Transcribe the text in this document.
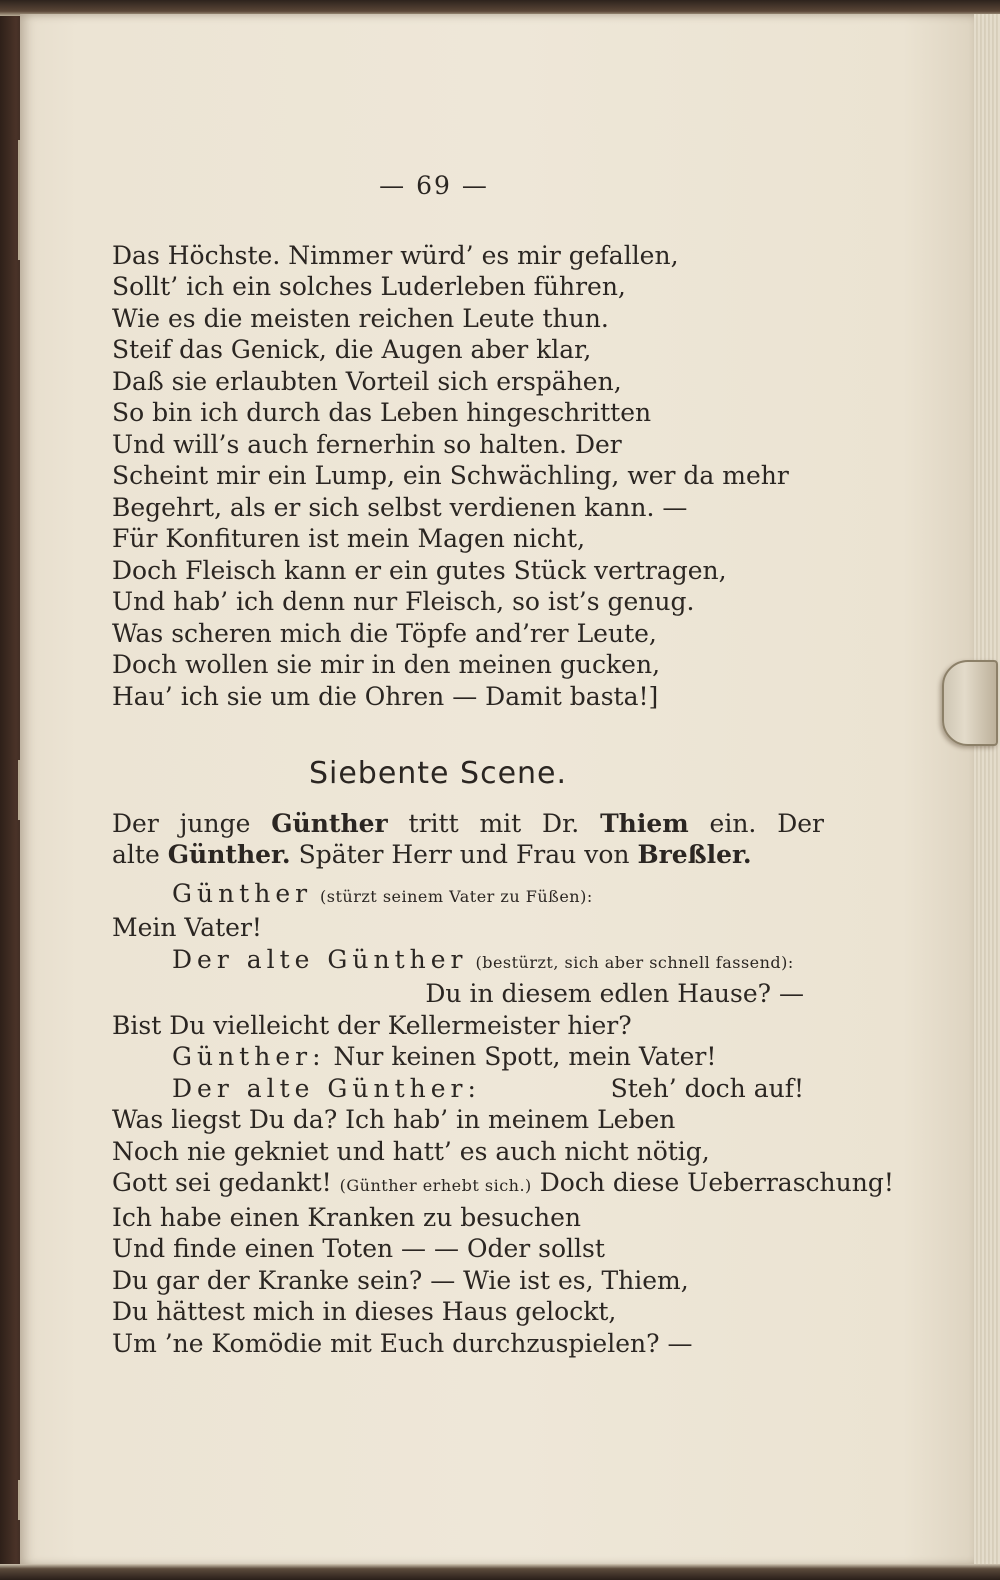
— 69 —

Das Höchste. Nimmer würd’ es mir gefallen,

Sollt’ ich ein solches Luderleben führen,

Wie es die meisten reichen Leute thun.

Steif das Genick, die Augen aber klar,

Daß sie erlaubten Vorteil sich erspähen,

So bin ich durch das Leben hingeschritten

Und will’s auch fernerhin so halten. Der

Scheint mir ein Lump, ein Schwächling, wer da mehr

Begehrt, als er sich selbst verdienen kann. —

Für Konfituren ist mein Magen nicht,

Doch Fleisch kann er ein gutes Stück vertragen,

Und hab’ ich denn nur Fleisch, so ist’s genug.

Was scheren mich die Töpfe and’rer Leute,

Doch wollen sie mir in den meinen gucken,

Hau’ ich sie um die Ohren — Damit basta!]

Siebente Scene.
Der junge Günther tritt mit Dr. Thiem ein. Der
alte Günther. Später Herr und Frau von Breßler.

Günther (stürzt seinem Vater zu Füßen):

Mein Vater!

Der alte Günther (bestürzt, sich aber schnell fassend):

Du in diesem edlen Hause? —

Bist Du vielleicht der Kellermeister hier?

Günther: Nur keinen Spott, mein Vater!

Der alte Günther:	Steh’ doch auf!

Was liegst Du da? Ich hab’ in meinem Leben

Noch nie gekniet und hatt’ es auch nicht nötig,

Gott sei gedankt! (Günther erhebt sich.) Doch diese Ueberraschung!

Ich habe einen Kranken zu besuchen

Und finde einen Toten — — Oder sollst

Du gar der Kranke sein? — Wie ist es, Thiem,

Du hättest mich in dieses Haus gelockt,

Um ’ne Komödie mit Euch durchzuspielen? —
